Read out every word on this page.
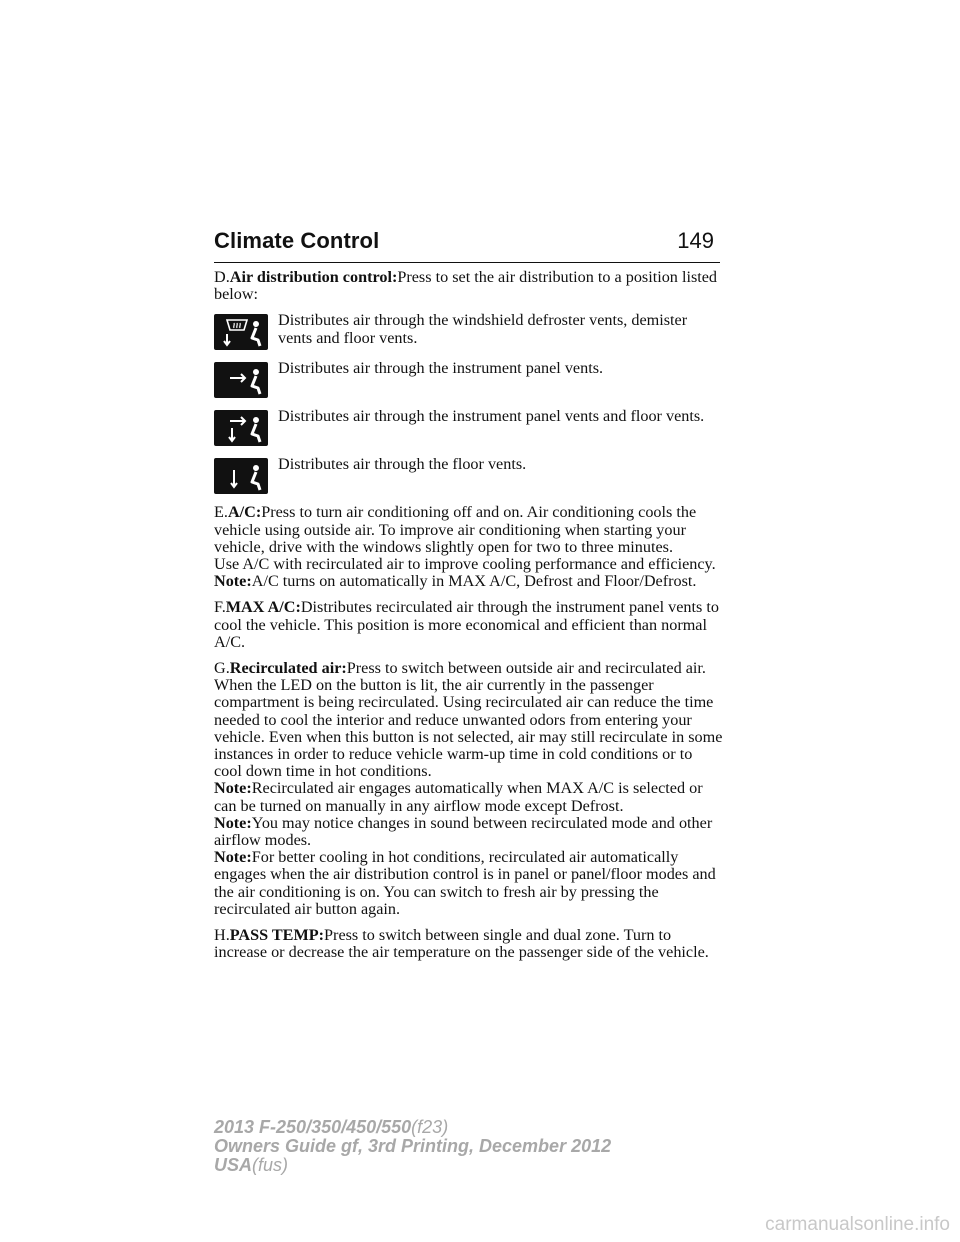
Climate Control	149

D.Air distribution control:Press to set the air distribution to a position listed below:

Distributes air through the windshield defroster vents, demister vents and floor vents.
Distributes air through the instrument panel vents.
Distributes air through the instrument panel vents and floor vents.
Distributes air through the floor vents.

E.A/C:Press to turn air conditioning off and on. Air conditioning cools the vehicle using outside air. To improve air conditioning when starting your vehicle, drive with the windows slightly open for two to three minutes.

Use A/C with recirculated air to improve cooling performance and efficiency.

Note:A/C turns on automatically in MAX A/C, Defrost and Floor/Defrost.

F.MAX A/C:Distributes recirculated air through the instrument panel vents to cool the vehicle. This position is more economical and efficient than normal A/C.

G.Recirculated air:Press to switch between outside air and recirculated air. When the LED on the button is lit, the air currently in the passenger compartment is being recirculated. Using recirculated air can reduce the time needed to cool the interior and reduce unwanted odors from entering your vehicle. Even when this button is not selected, air may still recirculate in some instances in order to reduce vehicle warm-up time in cold conditions or to cool down time in hot conditions.

Note:Recirculated air engages automatically when MAX A/C is selected or can be turned on manually in any airflow mode except Defrost.

Note:You may notice changes in sound between recirculated mode and other airflow modes.

Note:For better cooling in hot conditions, recirculated air automatically engages when the air distribution control is in panel or panel/floor modes and the air conditioning is on. You can switch to fresh air by pressing the recirculated air button again.

H.PASS TEMP:Press to switch between single and dual zone. Turn to increase or decrease the air temperature on the passenger side of the vehicle.

2013 F-250/350/450/550(f23)
Owners Guide gf, 3rd Printing, December 2012
USA(fus)
carmanualsonline.info
